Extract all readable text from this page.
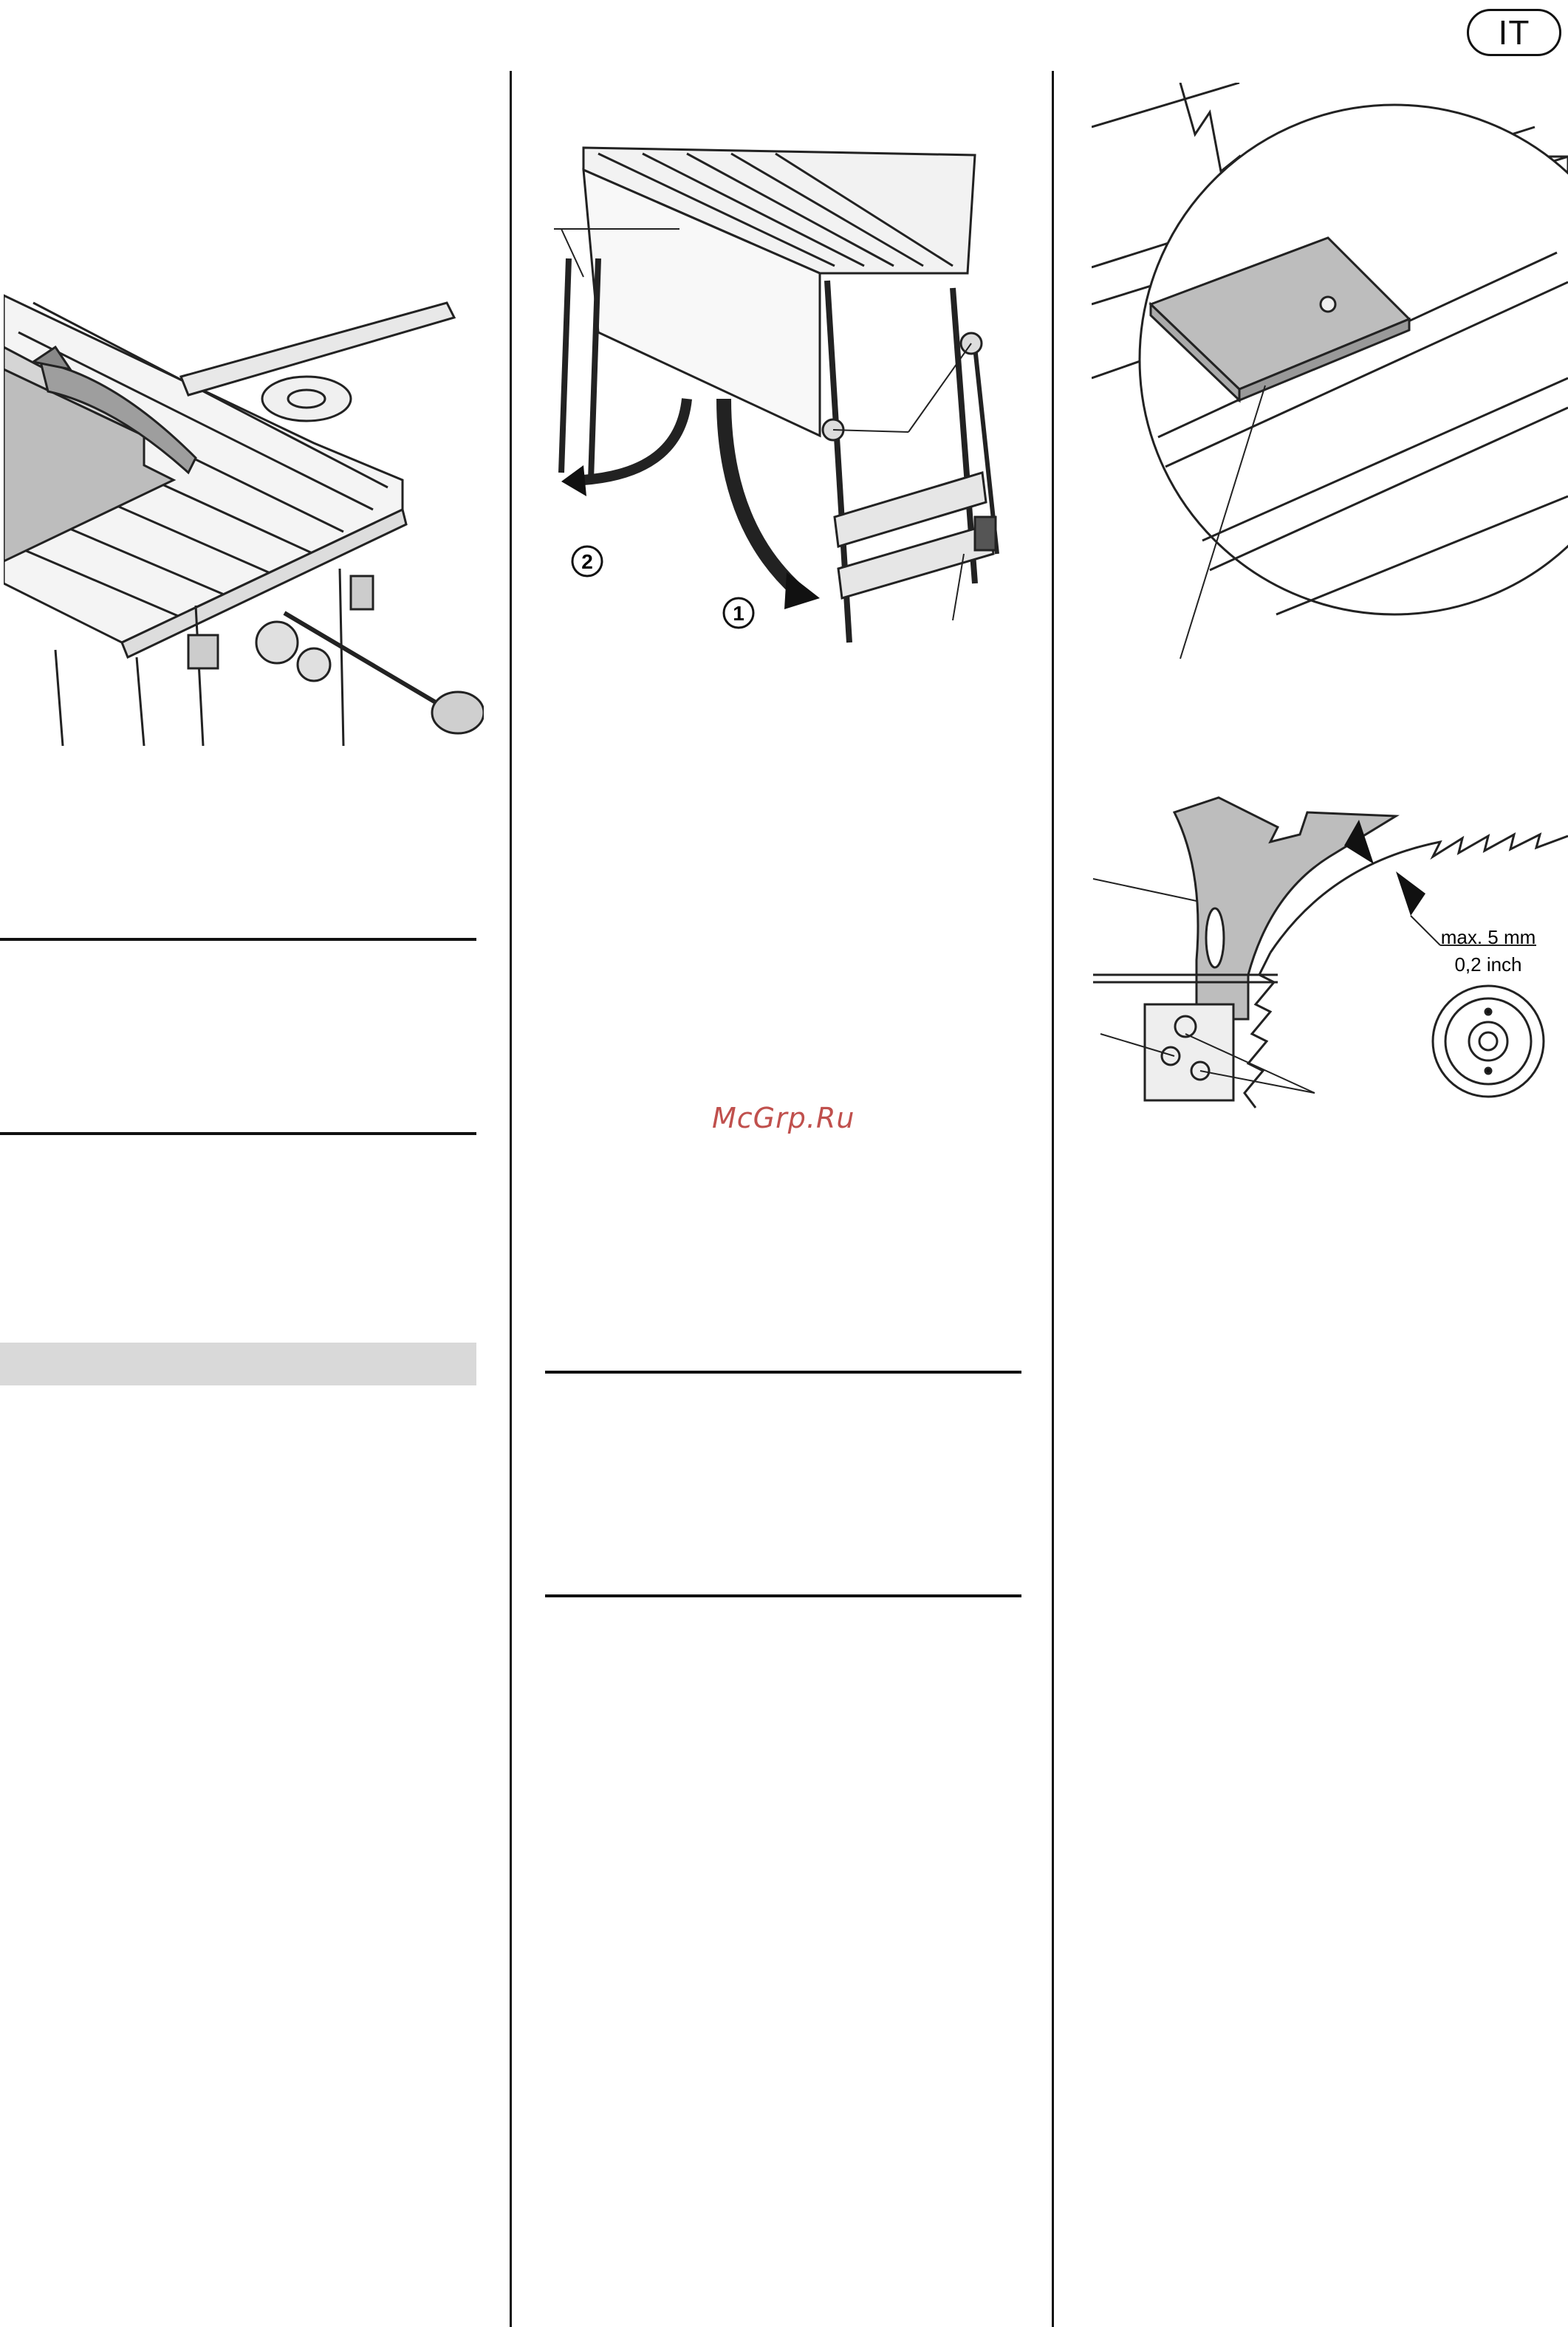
IT
McGrp.Ru
2
1
max. 5 mm
0,2 inch
